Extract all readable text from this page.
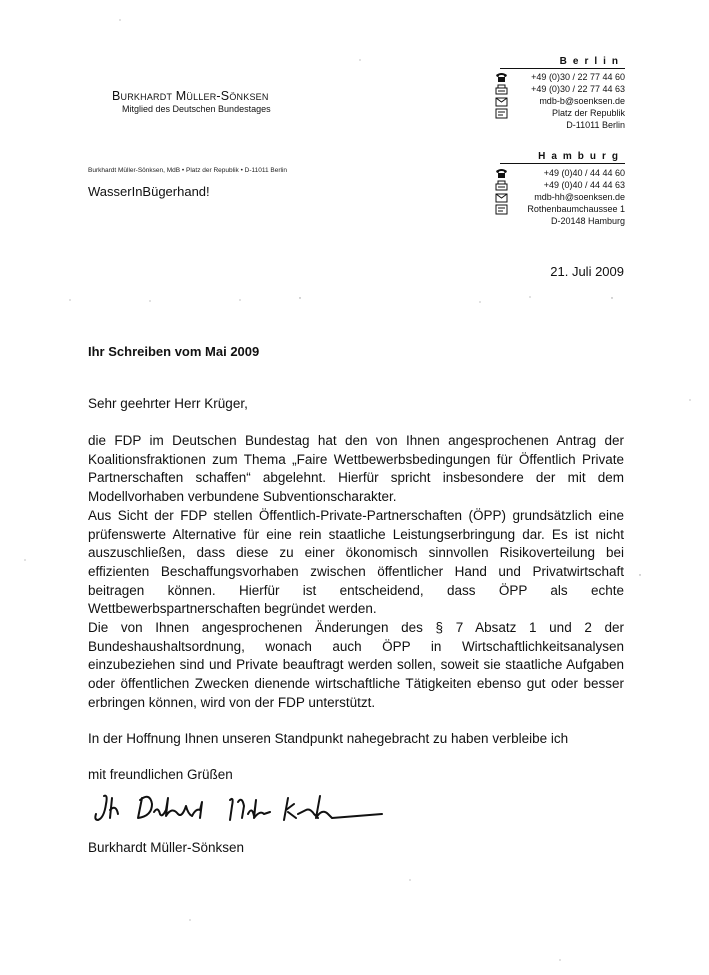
Burkhardt Müller-Sönksen
Mitglied des Deutschen Bundestages
Burkhardt Müller-Sönksen, MdB • Platz der Republik • D-11011 Berlin
WasserInBügerhand!
Berlin
+49 (0)30 / 22 77 44 60
+49 (0)30 / 22 77 44 63
mdb-b@soenksen.de
Platz der Republik
D-11011 Berlin
Hamburg
+49 (0)40 / 44 44 60
+49 (0)40 / 44 44 63
mdb-hh@soenksen.de
Rothenbaumchaussee 1
D-20148 Hamburg
21. Juli 2009
Ihr Schreiben vom Mai 2009
Sehr geehrter Herr Krüger,

die FDP im Deutschen Bundestag hat den von Ihnen angesprochenen Antrag der Koalitionsfraktionen zum Thema „Faire Wettbewerbsbedingungen für Öffentlich Private Partnerschaften schaffen“ abgelehnt. Hierfür spricht insbesondere der mit dem Modellvorhaben verbundene Subventionscharakter.

Aus Sicht der FDP stellen Öffentlich-Private-Partnerschaften (ÖPP) grundsätzlich eine prüfenswerte Alternative für eine rein staatliche Leistungserbringung dar. Es ist nicht auszuschließen, dass diese zu einer ökonomisch sinnvollen Risikoverteilung bei effizienten Beschaffungsvorhaben zwischen öffentlicher Hand und Privatwirtschaft beitragen können. Hierfür ist entscheidend, dass ÖPP als echte Wettbewerbspartnerschaften begründet werden.

Die von Ihnen angesprochenen Änderungen des § 7 Absatz 1 und 2 der Bundeshaushaltsordnung, wonach auch ÖPP in Wirtschaftlichkeitsanalysen einzubeziehen sind und Private beauftragt werden sollen, soweit sie staatliche Aufgaben oder öffentlichen Zwecken dienende wirtschaftliche Tätigkeiten ebenso gut oder besser erbringen können, wird von der FDP unterstützt.

In der Hoffnung Ihnen unseren Standpunkt nahegebracht zu haben verbleibe ich
mit freundlichen Grüßen
Burkhardt Müller-Sönksen
